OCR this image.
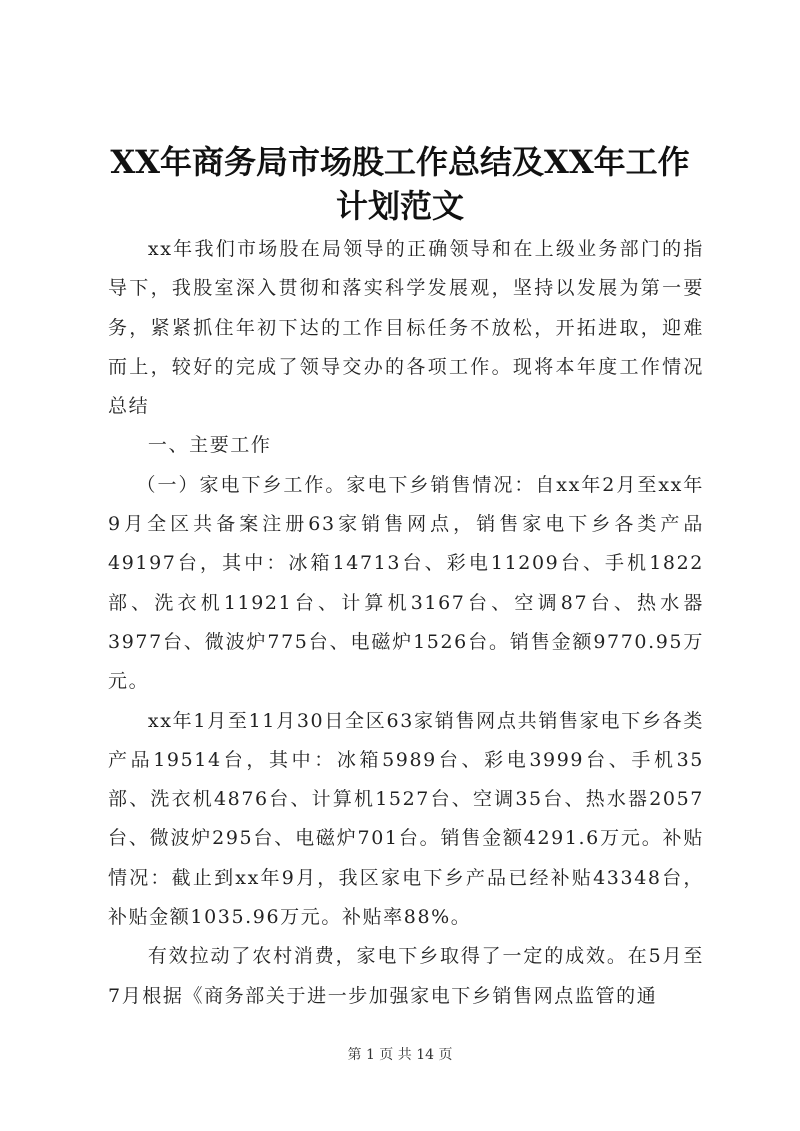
XX年商务局市场股工作总结及XX年工作计划范文

xx年我们市场股在局领导的正确领导和在上级业务部门的指导下，我股室深入贯彻和落实科学发展观，坚持以发展为第一要务，紧紧抓住年初下达的工作目标任务不放松，开拓进取，迎难而上，较好的完成了领导交办的各项工作。现将本年度工作情况总结

一、主要工作

（一）家电下乡工作。家电下乡销售情况：自xx年2月至xx年9月全区共备案注册63家销售网点，销售家电下乡各类产品49197台，其中：冰箱14713台、彩电11209台、手机1822部、洗衣机11921台、计算机3167台、空调87台、热水器3977台、微波炉775台、电磁炉1526台。销售金额9770.95万元。

xx年1月至11月30日全区63家销售网点共销售家电下乡各类产品19514台，其中：冰箱5989台、彩电3999台、手机35部、洗衣机4876台、计算机1527台、空调35台、热水器2057台、微波炉295台、电磁炉701台。销售金额4291.6万元。补贴情况：截止到xx年9月，我区家电下乡产品已经补贴43348台，补贴金额1035.96万元。补贴率88%。

有效拉动了农村消费，家电下乡取得了一定的成效。在5月至7月根据《商务部关于进一步加强家电下乡销售网点监管的通

第 1 页 共 14 页
